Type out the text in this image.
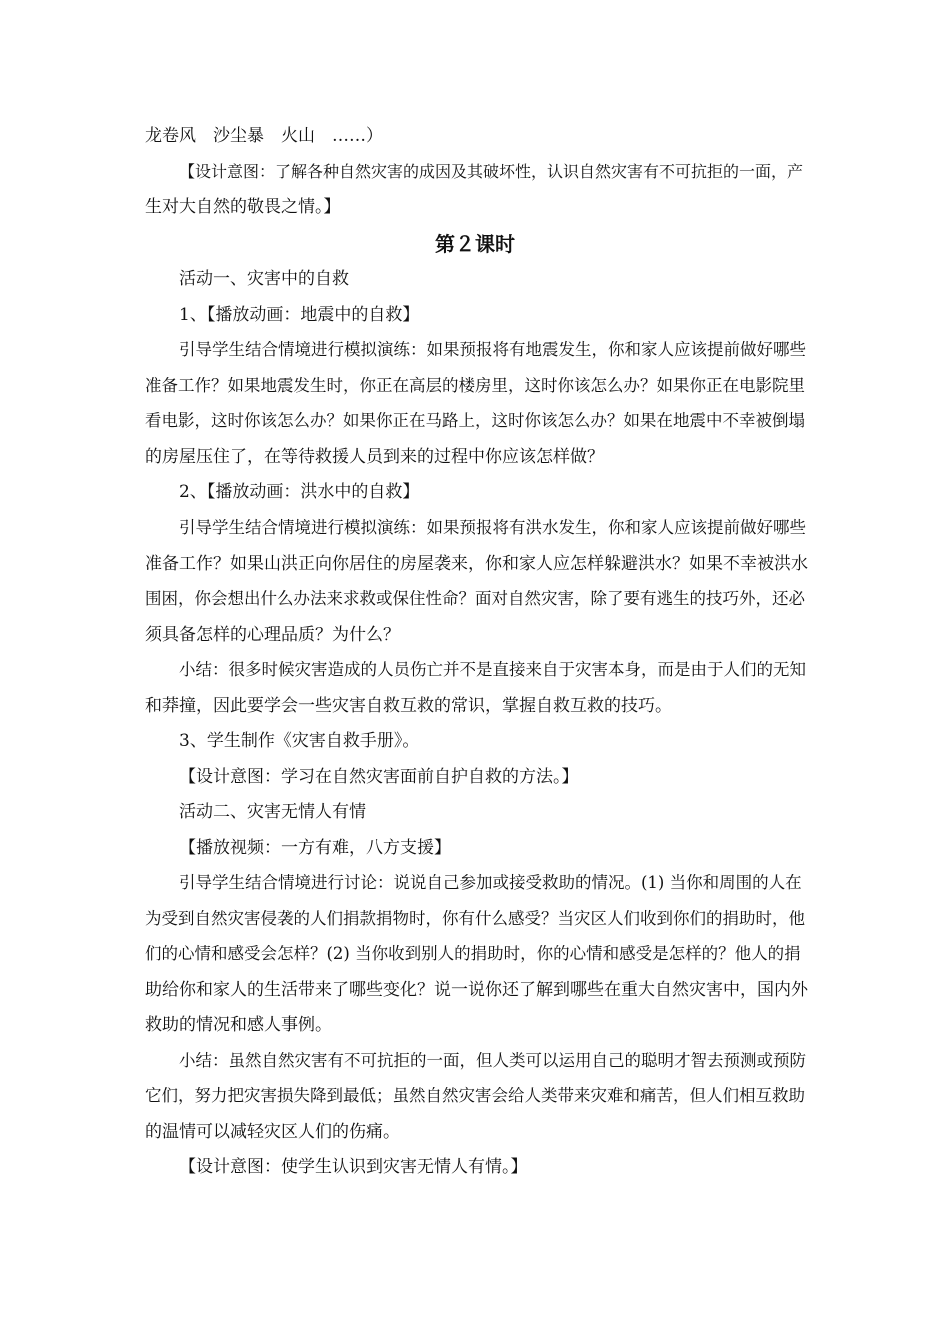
龙卷风　沙尘暴　火山　……）
【设计意图：了解各种自然灾害的成因及其破坏性，认识自然灾害有不可抗拒的一面，产
生对大自然的敬畏之情。】
第２课时
活动一、灾害中的自救
1、【播放动画：地震中的自救】
引导学生结合情境进行模拟演练：如果预报将有地震发生，你和家人应该提前做好哪些
准备工作？如果地震发生时，你正在高层的楼房里，这时你该怎么办？如果你正在电影院里
看电影，这时你该怎么办？如果你正在马路上，这时你该怎么办？如果在地震中不幸被倒塌
的房屋压住了，在等待救援人员到来的过程中你应该怎样做？
2、【播放动画：洪水中的自救】
引导学生结合情境进行模拟演练：如果预报将有洪水发生，你和家人应该提前做好哪些
准备工作？如果山洪正向你居住的房屋袭来，你和家人应怎样躲避洪水？如果不幸被洪水
围困，你会想出什么办法来求救或保住性命？面对自然灾害，除了要有逃生的技巧外，还必
须具备怎样的心理品质？为什么？
小结：很多时候灾害造成的人员伤亡并不是直接来自于灾害本身，而是由于人们的无知
和莽撞，因此要学会一些灾害自救互救的常识，掌握自救互救的技巧。
3、学生制作《灾害自救手册》。
【设计意图：学习在自然灾害面前自护自救的方法。】
活动二、灾害无情人有情
【播放视频：一方有难，八方支援】
引导学生结合情境进行讨论：说说自己参加或接受救助的情况。(1) 当你和周围的人在
为受到自然灾害侵袭的人们捐款捐物时，你有什么感受？当灾区人们收到你们的捐助时，他
们的心情和感受会怎样？(2) 当你收到别人的捐助时，你的心情和感受是怎样的？他人的捐
助给你和家人的生活带来了哪些变化？说一说你还了解到哪些在重大自然灾害中，国内外
救助的情况和感人事例。
小结：虽然自然灾害有不可抗拒的一面，但人类可以运用自己的聪明才智去预测或预防
它们，努力把灾害损失降到最低；虽然自然灾害会给人类带来灾难和痛苦，但人们相互救助
的温情可以减轻灾区人们的伤痛。
【设计意图：使学生认识到灾害无情人有情。】
